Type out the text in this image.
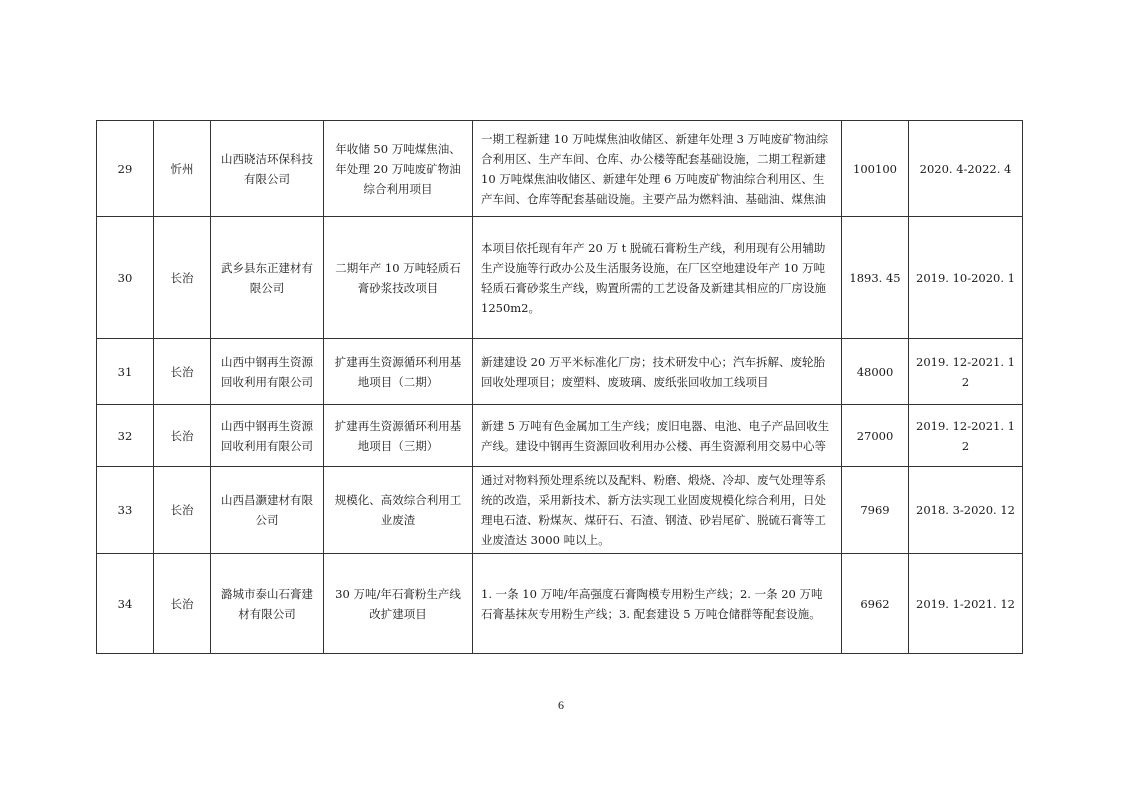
29	忻州	山西晓洁环保科技有限公司	年收储 50 万吨煤焦油、年处理 20 万吨废矿物油综合利用项目	一期工程新建 10 万吨煤焦油收储区、新建年处理 3 万吨废矿物油综合利用区、生产车间、仓库、办公楼等配套基础设施，二期工程新建 10 万吨煤焦油收储区、新建年处理 6 万吨废矿物油综合利用区、生产车间、仓库等配套基础设施。主要产品为燃料油、基础油、煤焦油	100100	2020. 4-2022. 4
30	长治	武乡县东正建材有限公司	二期年产 10 万吨轻质石膏砂浆技改项目	本项目依托现有年产 20 万 t 脱硫石膏粉生产线，利用现有公用辅助生产设施等行政办公及生活服务设施，在厂区空地建设年产 10 万吨轻质石膏砂浆生产线，购置所需的工艺设备及新建其相应的厂房设施 1250m2。	1893. 45	2019. 10-2020. 1
31	长治	山西中钢再生资源回收利用有限公司	扩建再生资源循环利用基地项目（二期）	新建建设 20 万平米标准化厂房；技术研发中心；汽车拆解、废轮胎回收处理项目；废塑料、废玻璃、废纸张回收加工线项目	48000	2019. 12-2021. 12
32	长治	山西中钢再生资源回收利用有限公司	扩建再生资源循环利用基地项目（三期）	新建 5 万吨有色金属加工生产线；废旧电器、电池、电子产品回收生产线。建设中钢再生资源回收利用办公楼、再生资源利用交易中心等	27000	2019. 12-2021. 12
33	长治	山西昌灏建材有限公司	规模化、高效综合利用工业废渣	通过对物料预处理系统以及配料、粉磨、煅烧、冷却、废气处理等系统的改造，采用新技术、新方法实现工业固废规模化综合利用，日处理电石渣、粉煤灰、煤矸石、石渣、钢渣、砂岩尾矿、脱硫石膏等工业废渣达 3000 吨以上。	7969	2018. 3-2020. 12
34	长治	潞城市泰山石膏建材有限公司	30 万吨/年石膏粉生产线改扩建项目	1. 一条 10 万吨/年高强度石膏陶模专用粉生产线；2. 一条 20 万吨石膏基抹灰专用粉生产线；3. 配套建设 5 万吨仓储群等配套设施。	6962	2019. 1-2021. 12
6
